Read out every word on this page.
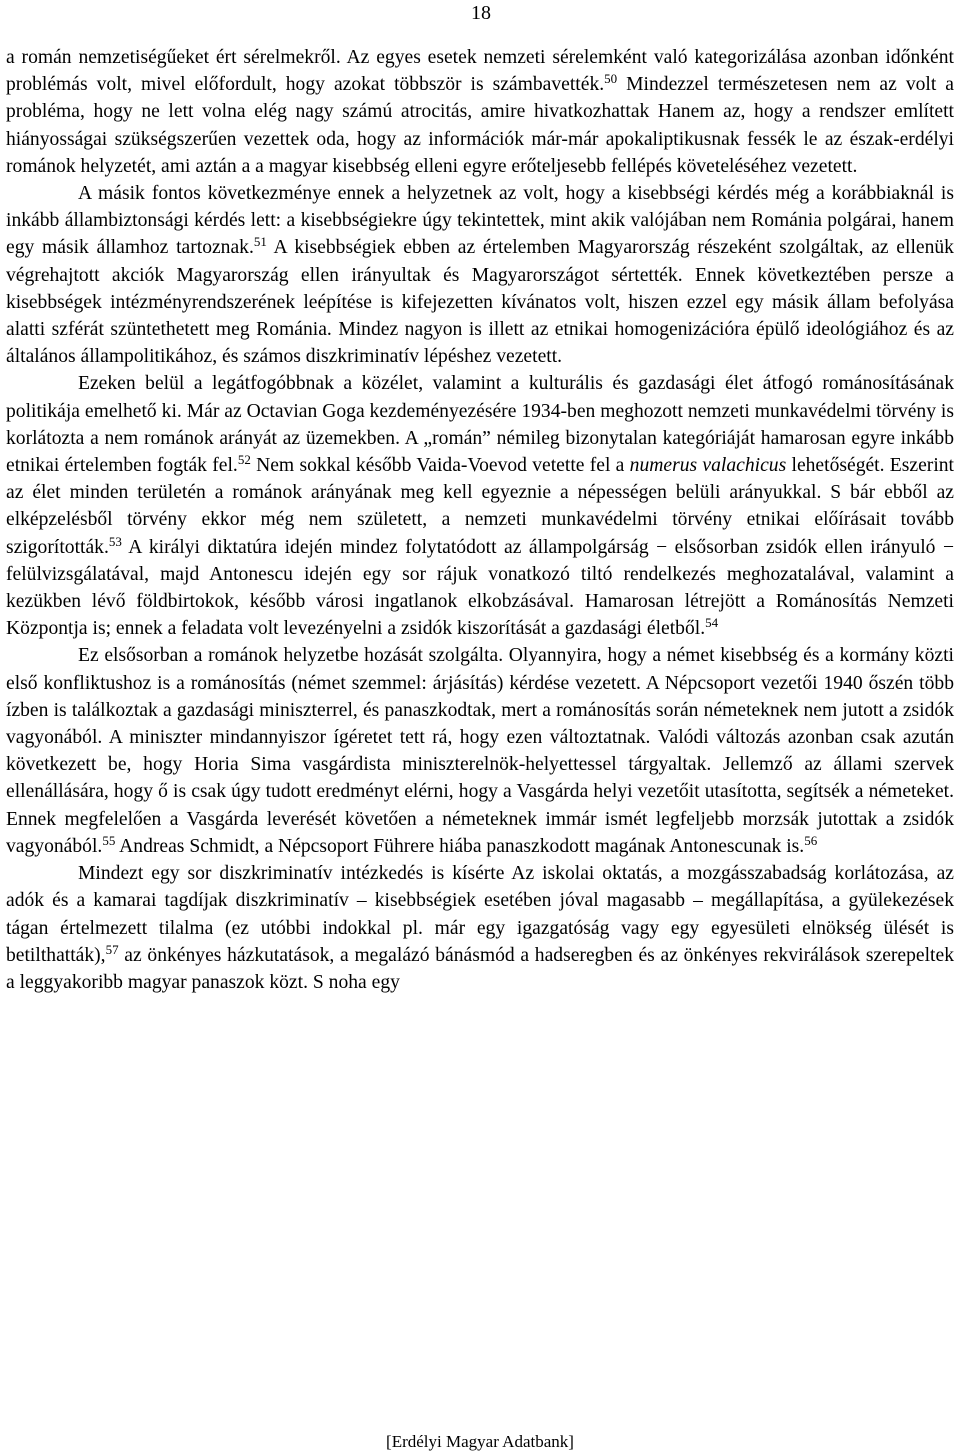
18

a román nemzetiségűeket ért sérelmekről. Az egyes esetek nemzeti sérelemként való kategorizálása azonban időnként problémás volt, mivel előfordult, hogy azokat többször is számbavették.$^{50}$ Mindezzel természetesen nem az volt a probléma, hogy ne lett volna elég nagy számú atrocitás, amire hivatkozhattak Hanem az, hogy a rendszer említett hiányosságai szükségszerűen vezettek oda, hogy az információk már-már apokaliptikusnak fessék le az észak-erdélyi románok helyzetét, ami aztán a a magyar kisebbség elleni egyre erőteljesebb fellépés követeléséhez vezetett.

A másik fontos következménye ennek a helyzetnek az volt, hogy a kisebbségi kérdés még a korábbiaknál is inkább állambiztonsági kérdés lett: a kisebbségiekre úgy tekintettek, mint akik valójában nem Románia polgárai, hanem egy másik államhoz tartoznak.$^{51}$ A kisebbségiek ebben az értelemben Magyarország részeként szolgáltak, az ellenük végrehajtott akciók Magyarország ellen irányultak és Magyarországot sértették. Ennek következtében persze a kisebbségek intézményrendszerének leépítése is kifejezetten kívánatos volt, hiszen ezzel egy másik állam befolyása alatti szférát szüntethetett meg Románia. Mindez nagyon is illett az etnikai homogenizációra épülő ideológiához és az általános állampolitikához, és számos diszkriminatív lépéshez vezetett.

Ezeken belül a legátfogóbbnak a közélet, valamint a kulturális és gazdasági élet átfogó románosításának politikája emelhető ki. Már az Octavian Goga kezdeményezésére 1934-ben meghozott nemzeti munkavédelmi törvény is korlátozta a nem románok arányát az üzemekben. A „román” némileg bizonytalan kategóriáját hamarosan egyre inkább etnikai értelemben fogták fel.$^{52}$ Nem sokkal később Vaida-Voevod vetette fel a numerus valachicus lehetőségét. Eszerint az élet minden területén a románok arányának meg kell egyeznie a népességen belüli arányukkal. S bár ebből az elképzelésből törvény ekkor még nem született, a nemzeti munkavédelmi törvény etnikai előírásait tovább szigorították.$^{53}$ A királyi diktatúra idején mindez folytatódott az állampolgárság − elsősorban zsidók ellen irányuló − felülvizsgálatával, majd Antonescu idején egy sor rájuk vonatkozó tiltó rendelkezés meghozatalával, valamint a kezükben lévő földbirtokok, később városi ingatlanok elkobzásával. Hamarosan létrejött a Románosítás Nemzeti Központja is; ennek a feladata volt levezényelni a zsidók kiszorítását a gazdasági életből.$^{54}$

Ez elsősorban a románok helyzetbe hozását szolgálta. Olyannyira, hogy a német kisebbség és a kormány közti első konfliktushoz is a románosítás (német szemmel: árjásítás) kérdése vezetett. A Népcsoport vezetői 1940 őszén több ízben is találkoztak a gazdasági miniszterrel, és panaszkodtak, mert a románosítás során németeknek nem jutott a zsidók vagyonából. A miniszter mindannyiszor ígéretet tett rá, hogy ezen változtatnak. Valódi változás azonban csak azután következett be, hogy Horia Sima vasgárdista miniszterelnök-helyettessel tárgyaltak. Jellemző az állami szervek ellenállására, hogy ő is csak úgy tudott eredményt elérni, hogy a Vasgárda helyi vezetőit utasította, segítsék a németeket. Ennek megfelelően a Vasgárda leverését követően a németeknek immár ismét legfeljebb morzsák jutottak a zsidók vagyonából.$^{55}$ Andreas Schmidt, a Népcsoport Führere hiába panaszkodott magának Antonescunak is.$^{56}$

Mindezt egy sor diszkriminatív intézkedés is kísérte Az iskolai oktatás, a mozgásszabadság korlátozása, az adók és a kamarai tagdíjak diszkriminatív – kisebbségiek esetében jóval magasabb – megállapítása, a gyülekezések tágan értelmezett tilalma (ez utóbbi indokkal pl. már egy igazgatóság vagy egy egyesületi elnökség ülését is betilthatták),$^{57}$ az önkényes házkutatások, a megalázó bánásmód a hadseregben és az önkényes rekvirálások szerepeltek a leggyakoribb magyar panaszok közt. S noha egy

[Erdélyi Magyar Adatbank]
